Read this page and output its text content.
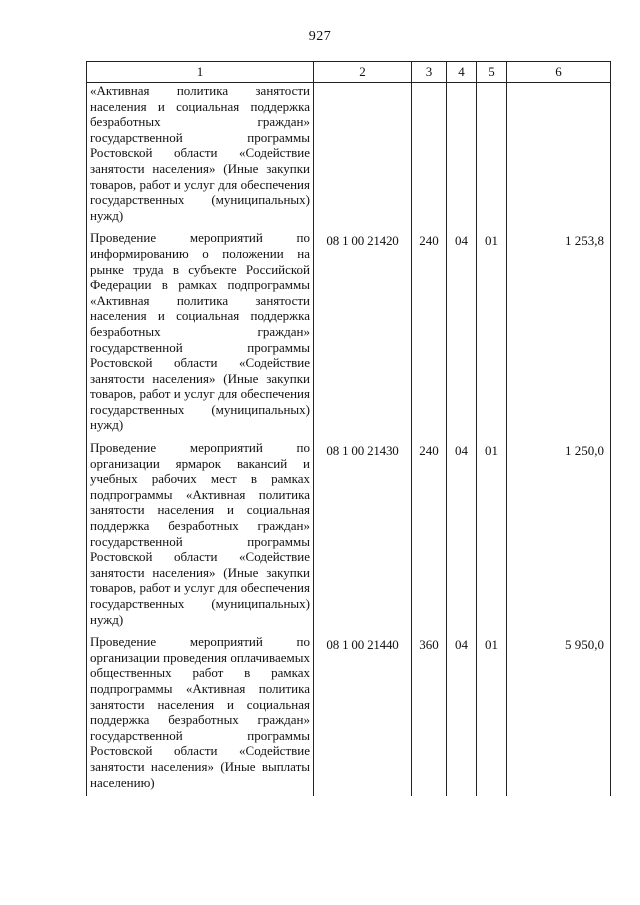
927
1	2	3	4	5	6
«Активная политика занятости населения и социальная поддержка безработных граждан» государственной программы Ростовской области «Содействие занятости населения» (Иные закупки товаров, работ и услуг для обеспечения государственных (муниципальных) нужд)					
Проведение мероприятий по информированию о положении на рынке труда в субъекте Российской Федерации в рамках подпрограммы «Активная политика занятости населения и социальная поддержка безработных граждан» государственной программы Ростовской области «Содействие занятости населения» (Иные закупки товаров, работ и услуг для обеспечения государственных (муниципальных) нужд)	08 1 00 21420	240	04	01	1 253,8
Проведение мероприятий по организации ярмарок вакансий и учебных рабочих мест в рамках подпрограммы «Активная политика занятости населения и социальная поддержка безработных граждан» государственной программы Ростовской области «Содействие занятости населения» (Иные закупки товаров, работ и услуг для обеспечения государственных (муниципальных) нужд)	08 1 00 21430	240	04	01	1 250,0
Проведение мероприятий по организации проведения оплачиваемых общественных работ в рамках подпрограммы «Активная политика занятости населения и социальная поддержка безработных граждан» государственной программы Ростовской области «Содействие занятости населения» (Иные выплаты населению)	08 1 00 21440	360	04	01	5 950,0
